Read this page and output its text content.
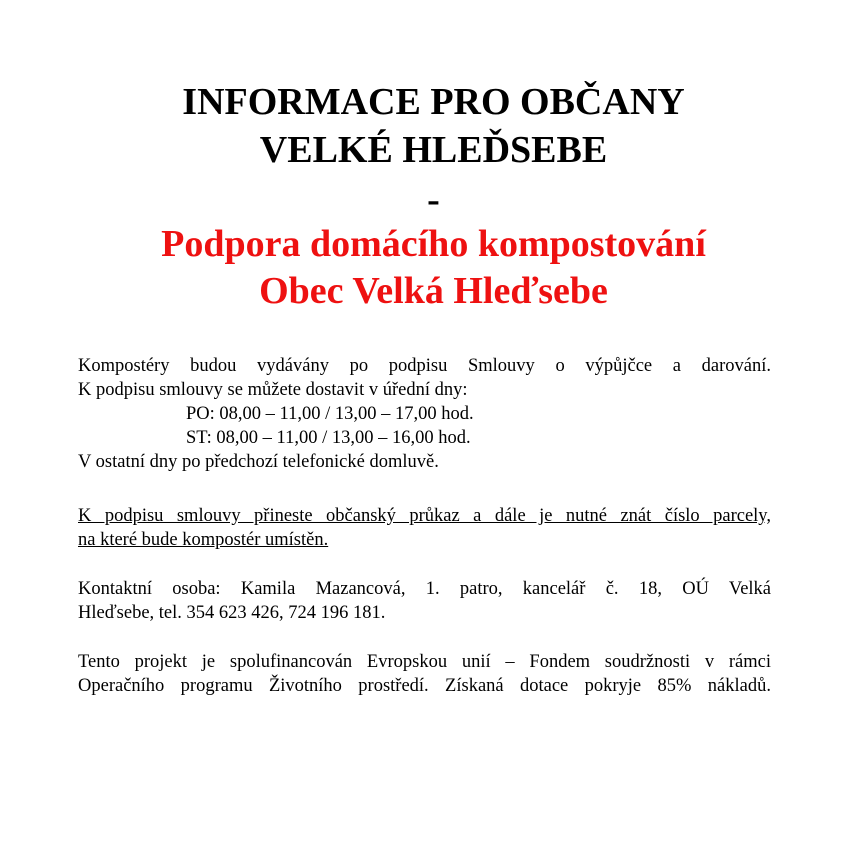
INFORMACE PRO OBČANY
VELKÉ HLEĎSEBE
-
Podpora domácího kompostování
Obec Velká Hleďsebe
Kompostéry budou vydávány po podpisu Smlouvy o výpůjčce a darování.
K podpisu smlouvy se můžete dostavit v úřední dny:
PO: 08,00 – 11,00 / 13,00 – 17,00 hod.
ST: 08,00 – 11,00 / 13,00 – 16,00 hod.
V ostatní dny po předchozí telefonické domluvě.
K podpisu smlouvy přineste občanský průkaz a dále je nutné znát číslo parcely,
na které bude kompostér umístěn.
Kontaktní osoba: Kamila Mazancová, 1. patro, kancelář č. 18, OÚ Velká
Hleďsebe, tel. 354 623 426, 724 196 181.
Tento projekt je spolufinancován Evropskou unií – Fondem soudržnosti v rámci
Operačního programu Životního prostředí. Získaná dotace pokryje 85% nákladů.
